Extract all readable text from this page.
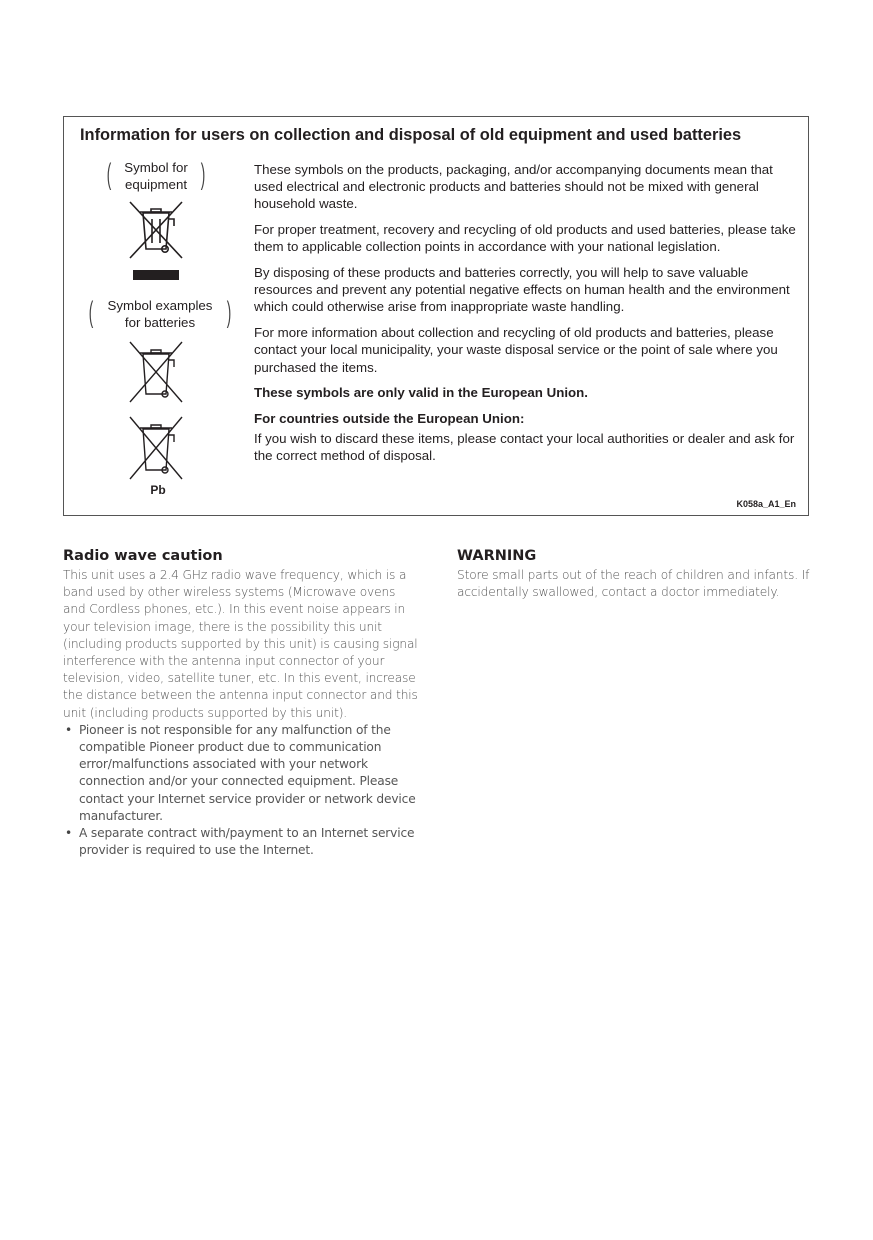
Information for users on collection and disposal of old equipment and used batteries
( Symbol for
equipment )
(	Symbol examples
for batteries	)
Pb

These symbols on the products, packaging, and/or accompanying documents mean that used electrical and electronic products and batteries should not be mixed with general household waste.

For proper treatment, recovery and recycling of old products and used batteries, please take them to applicable collection points in accordance with your national legislation.

By disposing of these products and batteries correctly, you will help to save valuable resources and prevent any potential negative effects on human health and the environment which could otherwise arise from inappropriate waste handling.

For more information about collection and recycling of old products and batteries, please contact your local municipality, your waste disposal service or the point of sale where you purchased the items.

These symbols are only valid in the European Union.

For countries outside the European Union:

If you wish to discard these items, please contact your local authorities or dealer and ask for the correct method of disposal.

K058a_A1_En
Radio wave caution

This unit uses a 2.4 GHz radio wave frequency, which is a band used by other wireless systems (Microwave ovens and Cordless phones, etc.). In this event noise appears in your television image, there is the possibility this unit (including products supported by this unit) is causing signal interference with the antenna input connector of your television, video, satellite tuner, etc. In this event, increase the distance between the antenna input connector and this unit (including products supported by this unit).

• Pioneer is not responsible for any malfunction of the compatible Pioneer product due to communication error/malfunctions associated with your network connection and/or your connected equipment. Please contact your Internet service provider or network device manufacturer.
• A separate contract with/payment to an Internet service provider is required to use the Internet.
WARNING

Store small parts out of the reach of children and infants. If accidentally swallowed, contact a doctor immediately.
